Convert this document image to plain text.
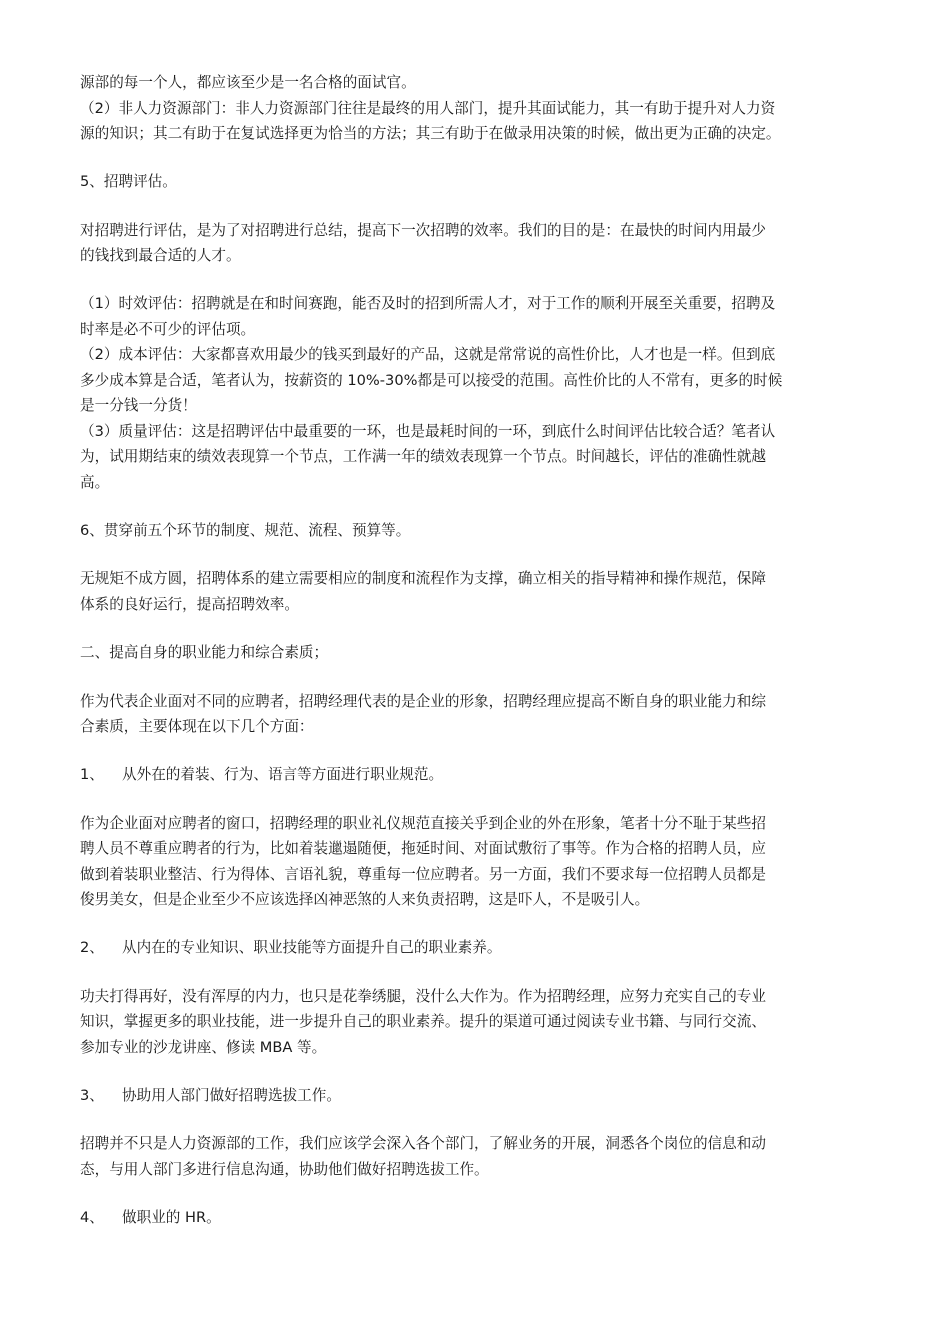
源部的每一个人，都应该至少是一名合格的面试官。
（2）非人力资源部门：非人力资源部门往往是最终的用人部门，提升其面试能力，其一有助于提升对人力资
源的知识；其二有助于在复试选择更为恰当的方法；其三有助于在做录用决策的时候，做出更为正确的决定。
5、招聘评估。
对招聘进行评估，是为了对招聘进行总结，提高下一次招聘的效率。我们的目的是：在最快的时间内用最少
的钱找到最合适的人才。
（1）时效评估：招聘就是在和时间赛跑，能否及时的招到所需人才，对于工作的顺利开展至关重要，招聘及
时率是必不可少的评估项。
（2）成本评估：大家都喜欢用最少的钱买到最好的产品，这就是常常说的高性价比，人才也是一样。但到底
多少成本算是合适，笔者认为，按薪资的 10%-30%都是可以接受的范围。高性价比的人不常有，更多的时候
是一分钱一分货！
（3）质量评估：这是招聘评估中最重要的一环，也是最耗时间的一环，到底什么时间评估比较合适？笔者认
为，试用期结束的绩效表现算一个节点，工作满一年的绩效表现算一个节点。时间越长，评估的准确性就越
高。
6、贯穿前五个环节的制度、规范、流程、预算等。
无规矩不成方圆，招聘体系的建立需要相应的制度和流程作为支撑，确立相关的指导精神和操作规范，保障
体系的良好运行，提高招聘效率。
二、提高自身的职业能力和综合素质；
作为代表企业面对不同的应聘者，招聘经理代表的是企业的形象，招聘经理应提高不断自身的职业能力和综
合素质，主要体现在以下几个方面：
1、 从外在的着装、行为、语言等方面进行职业规范。
作为企业面对应聘者的窗口，招聘经理的职业礼仪规范直接关乎到企业的外在形象，笔者十分不耻于某些招
聘人员不尊重应聘者的行为，比如着装邋遢随便，拖延时间、对面试敷衍了事等。作为合格的招聘人员，应
做到着装职业整洁、行为得体、言语礼貌，尊重每一位应聘者。另一方面，我们不要求每一位招聘人员都是
俊男美女，但是企业至少不应该选择凶神恶煞的人来负责招聘，这是吓人，不是吸引人。
2、 从内在的专业知识、职业技能等方面提升自己的职业素养。
功夫打得再好，没有浑厚的内力，也只是花拳绣腿，没什么大作为。作为招聘经理，应努力充实自己的专业
知识，掌握更多的职业技能，进一步提升自己的职业素养。提升的渠道可通过阅读专业书籍、与同行交流、
参加专业的沙龙讲座、修读 MBA 等。
3、 协助用人部门做好招聘选拔工作。
招聘并不只是人力资源部的工作，我们应该学会深入各个部门，了解业务的开展，洞悉各个岗位的信息和动
态，与用人部门多进行信息沟通，协助他们做好招聘选拔工作。
4、 做职业的 HR。
